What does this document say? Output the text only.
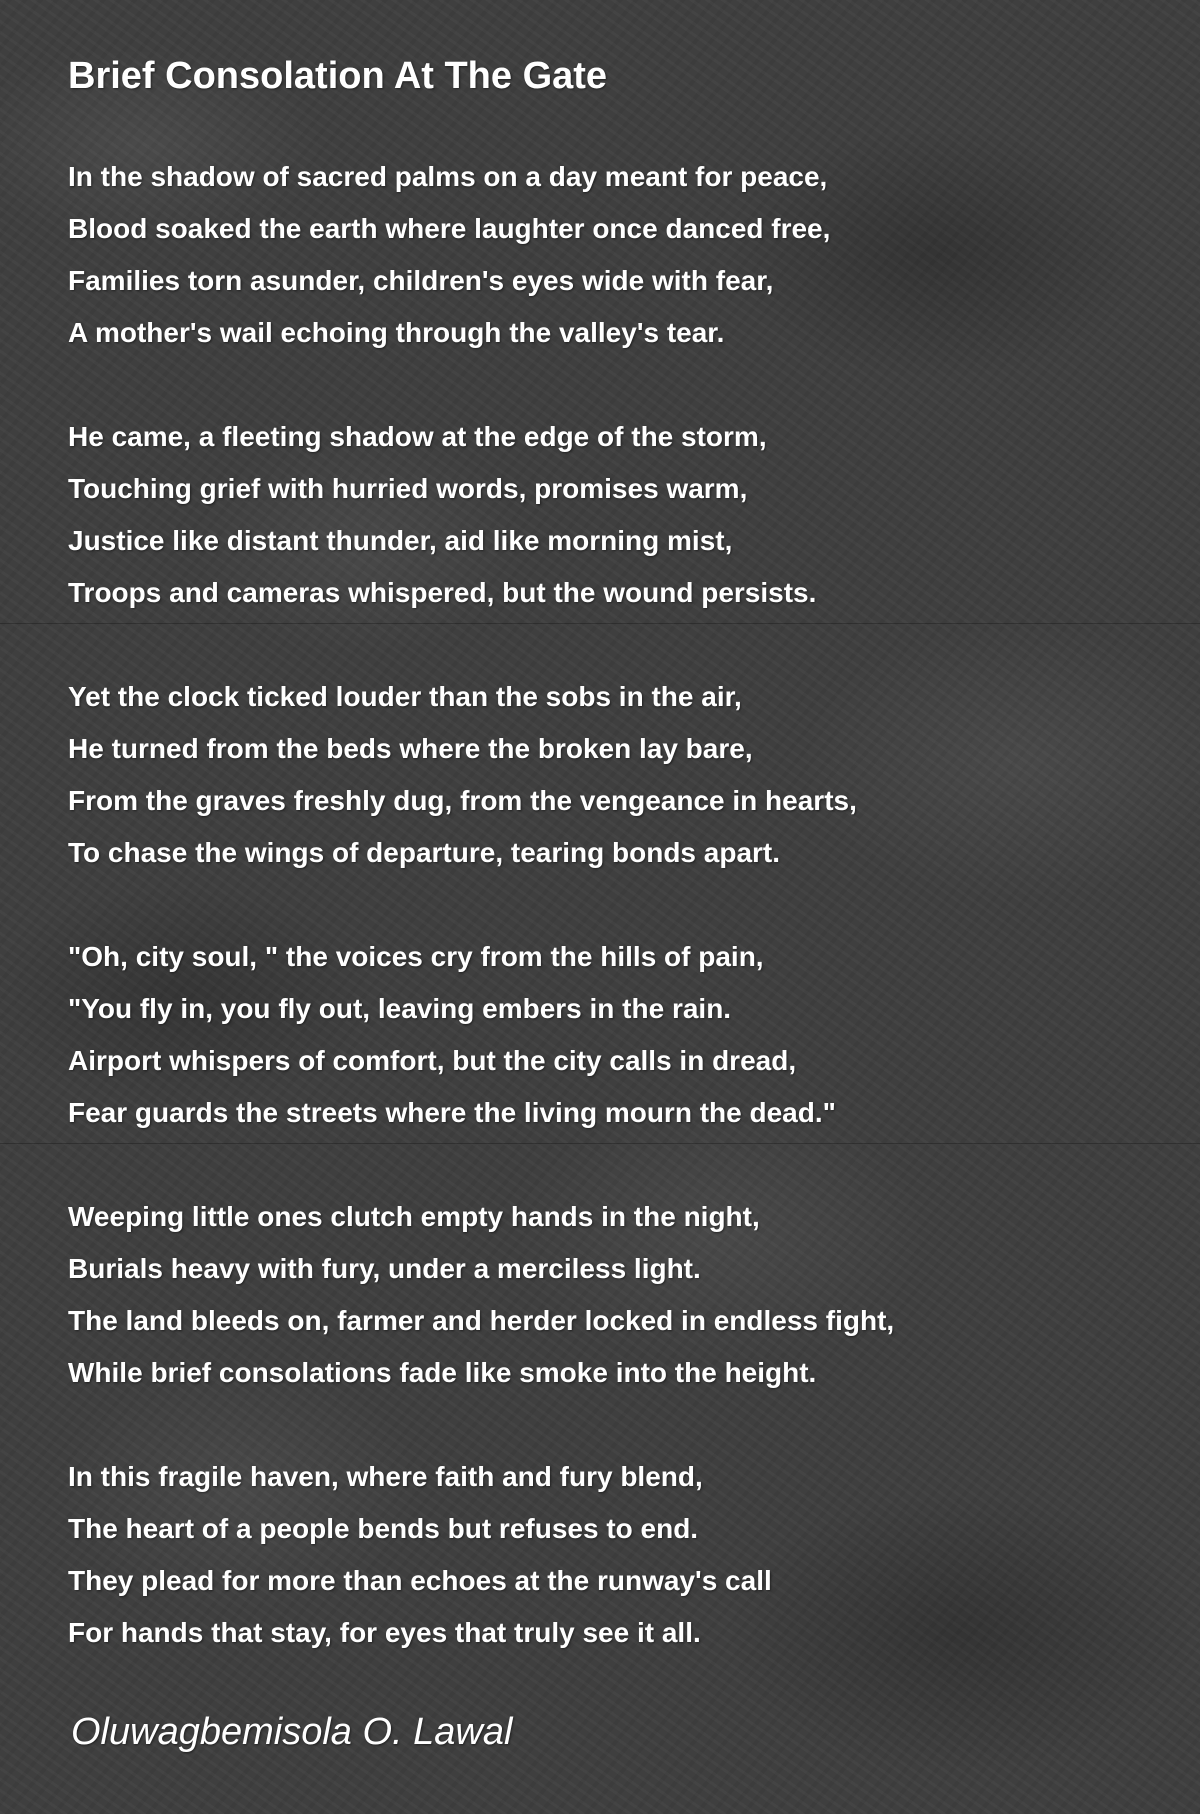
Brief Consolation At The Gate
In the shadow of sacred palms on a day meant for peace,
Blood soaked the earth where laughter once danced free,
Families torn asunder, children's eyes wide with fear,
A mother's wail echoing through the valley's tear.
He came, a fleeting shadow at the edge of the storm,
Touching grief with hurried words, promises warm,
Justice like distant thunder, aid like morning mist,
Troops and cameras whispered, but the wound persists.
Yet the clock ticked louder than the sobs in the air,
He turned from the beds where the broken lay bare,
From the graves freshly dug, from the vengeance in hearts,
To chase the wings of departure, tearing bonds apart.
"Oh, city soul, " the voices cry from the hills of pain,
"You fly in, you fly out, leaving embers in the rain.
Airport whispers of comfort, but the city calls in dread,
Fear guards the streets where the living mourn the dead."
Weeping little ones clutch empty hands in the night,
Burials heavy with fury, under a merciless light.
The land bleeds on, farmer and herder locked in endless fight,
While brief consolations fade like smoke into the height.
In this fragile haven, where faith and fury blend,
The heart of a people bends but refuses to end.
They plead for more than echoes at the runway's call
For hands that stay, for eyes that truly see it all.

Oluwagbemisola O. Lawal
